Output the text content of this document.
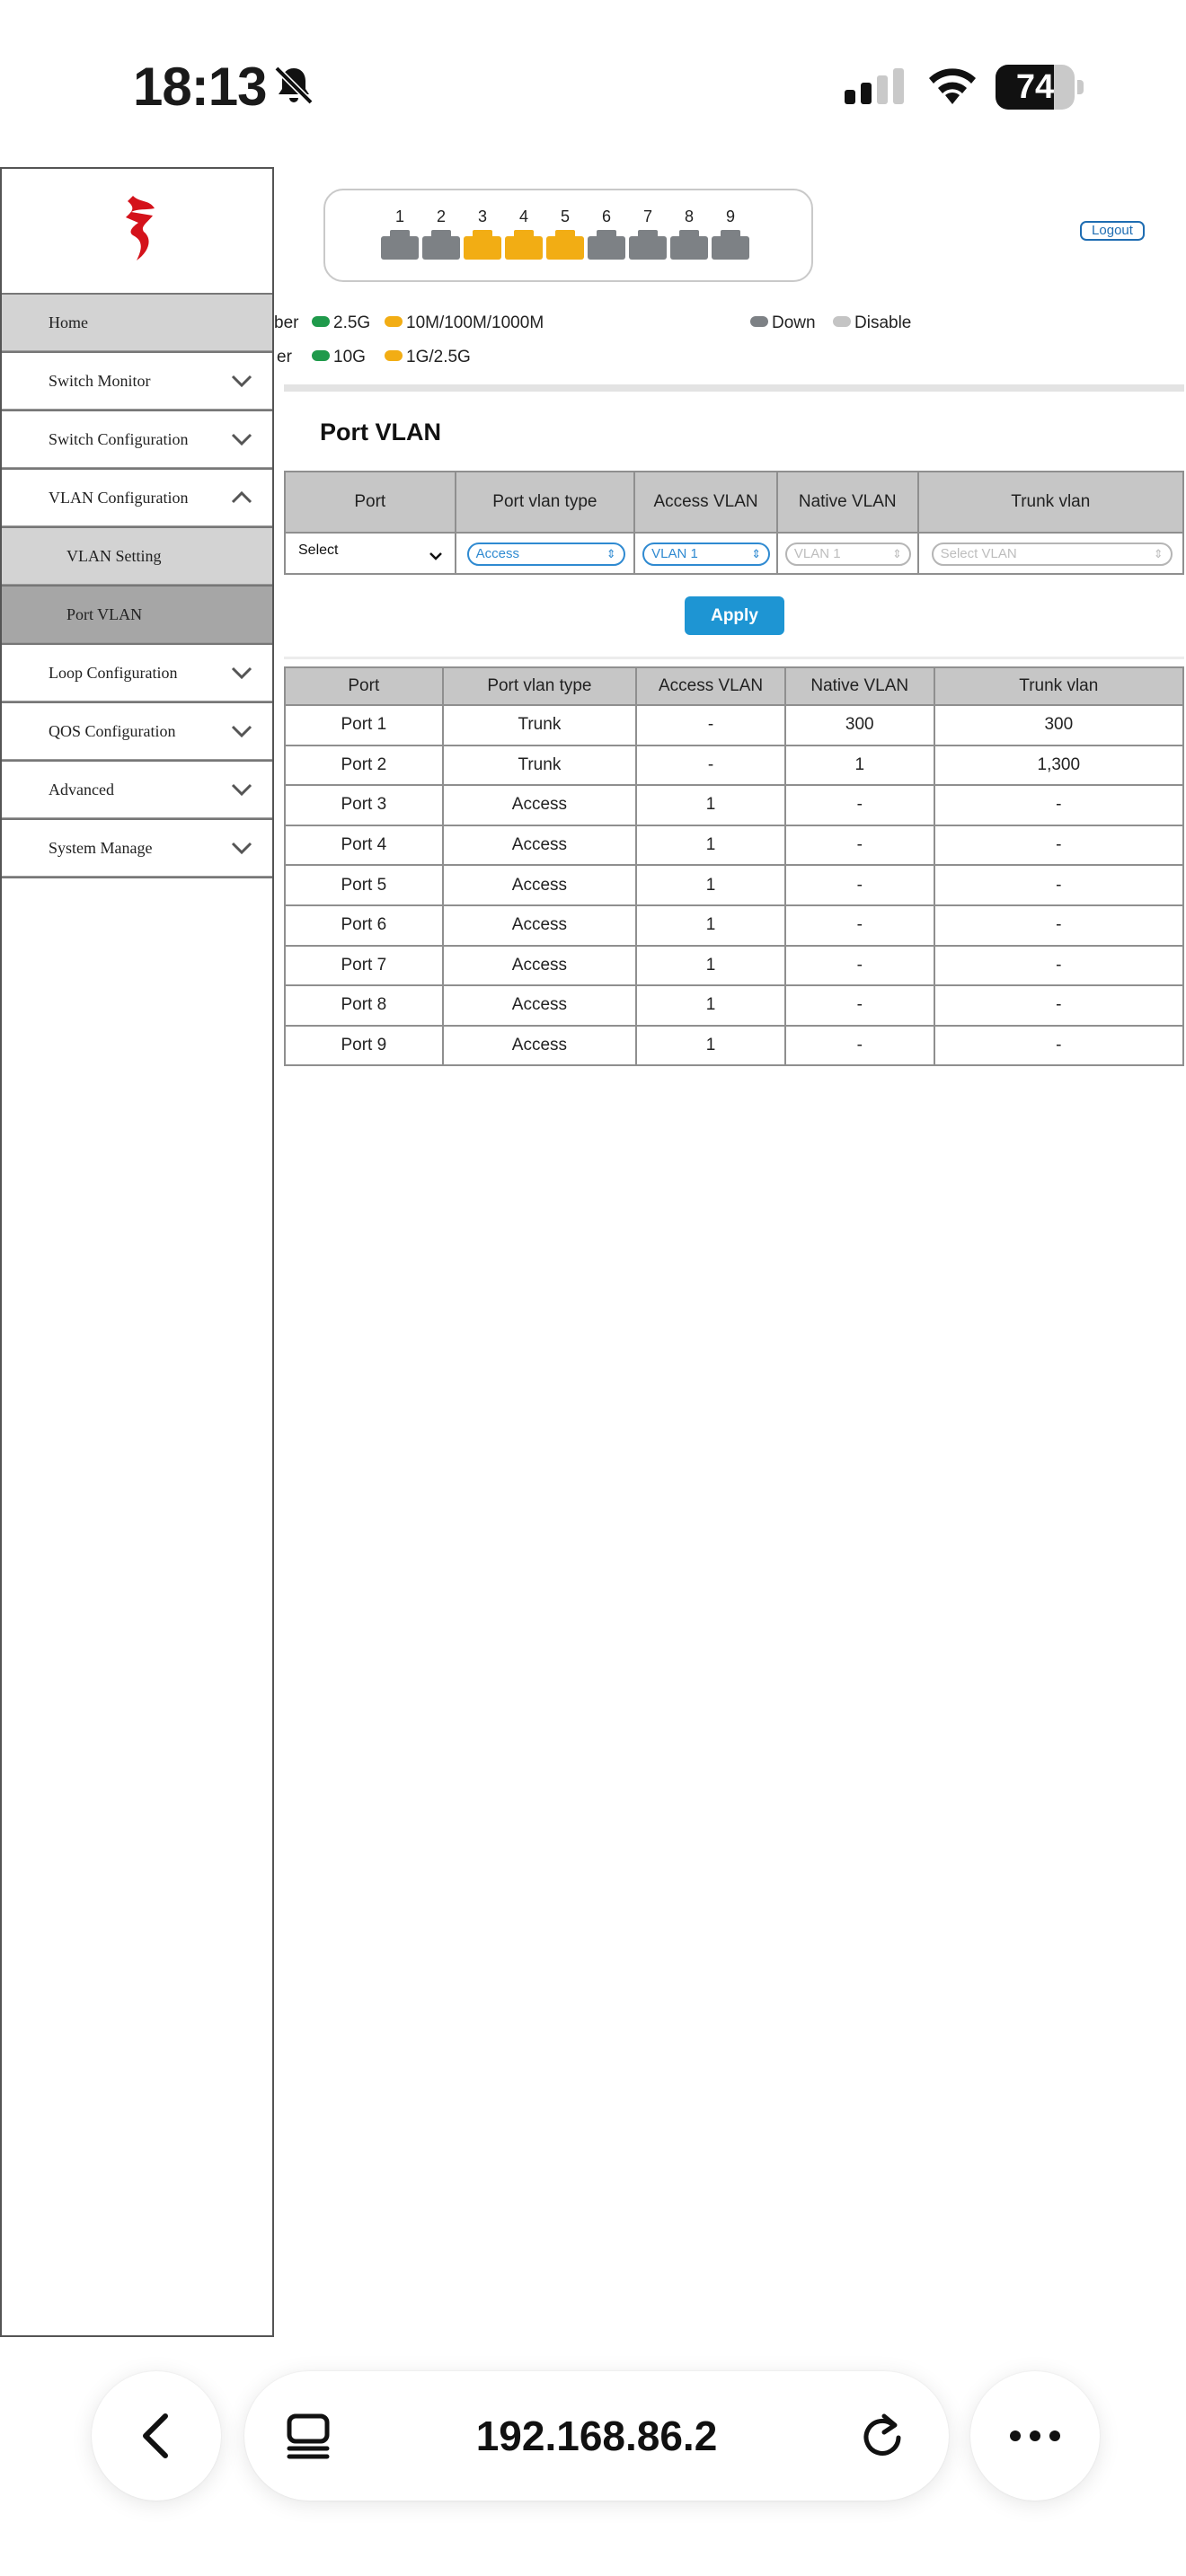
18:13	74
Home
Switch Monitor
Switch Configuration
VLAN Configuration
VLAN Setting
Port VLAN
Loop Configuration
QOS Configuration
Advanced
System Manage
1	2	3	4	5	6	7	8	9
Logout
ber
er
2.5G	10M/100M/1000M	Down	Disable
10G	1G/2.5G
Port VLAN
Port	Port vlan type	Access VLAN	Native VLAN	Trunk vlan

Select	Access ⇕	VLAN 1 ⇕	VLAN 1 ⇕	Select VLAN ⇕
Apply
Port	Port vlan type	Access VLAN	Native VLAN	Trunk vlan
Port 1	Trunk	-	300	300
Port 2	Trunk	-	1	1,300
Port 3	Access	1	-	-
Port 4	Access	1	-	-
Port 5	Access	1	-	-
Port 6	Access	1	-	-
Port 7	Access	1	-	-
Port 8	Access	1	-	-
Port 9	Access	1	-	-
192.168.86.2
